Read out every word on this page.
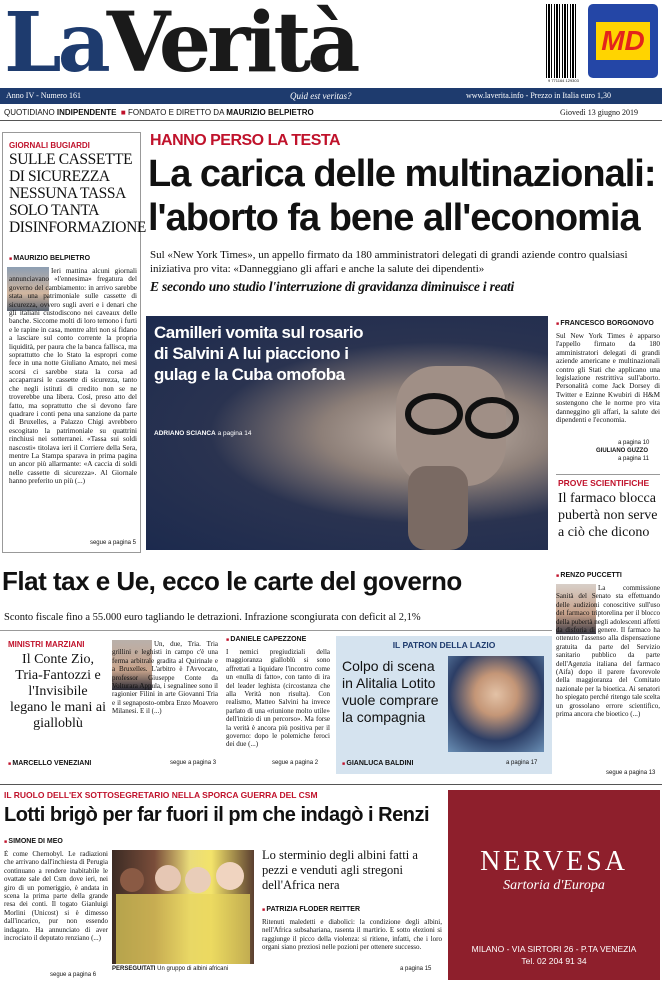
LaVerità	9 771164 129303
MD
Anno IV - Numero 161	Quid est veritas?	www.laverita.info - Prezzo in Italia euro 1,30
QUOTIDIANO INDIPENDENTE  ■ FONDATO E DIRETTO DA MAURIZIO BELPIETRO	Giovedì 13 giugno 2019
GIORNALI BUGIARDI
SULLE CASSETTE DI SICUREZZA NESSUNA TASSA SOLO TANTA DISINFORMAZIONE
■ MAURIZIO BELPIETRO
Ieri mattina alcuni giornali annunciavano «l'ennesima» fregatura del governo del cambiamento: in arrivo sarebbe stata una patrimoniale sulle cassette di sicurezza, ovvero sugli averi e i denari che gli italiani custodiscono nei caveaux delle banche. Siccome molti di loro temono i furti e le rapine in casa, mentre altri non si fidano a lasciare sul conto corrente la propria liquidità, per paura che la banca fallisca, ma soprattutto che lo Stato la espropri come fece in una notte Giuliano Amato, nei mesi scorsi ci sarebbe stata la corsa ad accaparrarsi le cassette di sicurezza, tanto che negli istituti di credito non se ne troverebbe una libera. Così, preso atto del fatto, ma soprattutto che si devono fare quadrare i conti pena una sanzione da parte di Bruxelles, a Palazzo Chigi avrebbero escogitato la patrimoniale su quattrini rinchiusi nei sotterranei. «Tassa sui soldi nascosti» titolava ieri il Corriere della Sera, mentre La Stampa sparava in prima pagina un ancor più allarmante: «A caccia di soldi nelle cassette di sicurezza». Al Giornale hanno preferito un più (...)
segue a pagina 5
HANNO PERSO LA TESTA
La carica delle multinazionali: l'aborto fa bene all'economia
Sul «New York Times», un appello firmato da 180 amministratori delegati di grandi aziende contro qualsiasi iniziativa pro vita: «Danneggiano gli affari e anche la salute dei dipendenti»
E secondo uno studio l'interruzione di gravidanza diminuisce i reati
Camilleri vomita sul rosario di Salvini A lui piacciono i gulag e la Cuba omofoba
ADRIANO SCIANCA a pagina 14
■ FRANCESCO BORGONOVO
Sul New York Times è apparso l'appello firmato da 180 amministratori delegati di grandi aziende americane e multinazionali contro gli Stati che applicano una legislazione restrittiva sull'aborto. Personalità come Jack Dorsey di Twitter e Ezinne Kwubiri di H&M sostengono che le norme pro vita danneggino gli affari, la salute dei dipendenti e l'economia.
a pagina 10
GIULIANO GUZZO
a pagina 11
PROVE SCIENTIFICHE
Il farmaco blocca pubertà non serve a ciò che dicono
Flat tax e Ue, ecco le carte del governo
Sconto fiscale fino a 55.000 euro tagliando le detrazioni. Infrazione scongiurata con deficit al 2,1%
MINISTRI MARZIANI
Il Conte Zio, Tria-Fantozzi e l'Invisibile legano le mani ai gialloblù
■ MARCELLO VENEZIANI
Un, due, Tria. Tria grillini e leghisti in campo c'è una ferma arbitrale gradita al Quirinale e a Bruxelles. L'arbitro è l'Avvocato, professor Giuseppe Conte da Volturara Appula, i segnalinee sono il ragionier Filini in arte Giovanni Tria e il segnaposto-ombra Enzo Moavero Milanesi. E il (...)
segue a pagina 3
■ DANIELE CAPEZZONE
I nemici pregiudiziali della maggioranza gialloblù si sono affrettati a liquidare l'incontro come un «nulla di fatto», con tanto di ira del leader leghista (circostanza che alla Verità non risulta). Con realismo, Matteo Salvini ha invece parlato di una «riunione molto utile» dell'inizio di un percorso». Ma forse la verità è ancora più positiva per il governo: dopo le polemiche feroci dei due (...)
segue a pagina 2
IL PATRON DELLA LAZIO
Colpo di scena in Alitalia Lotito vuole comprare la compagnia
■ GIANLUCA BALDINI	a pagina 17
■ RENZO PUCCETTI
La commissione Sanità del Senato sta effettuando delle audizioni conoscitive sull'uso del farmaco triptorelina per il blocco della pubertà negli adolescenti affetti da disforia di genere. Il farmaco ha ottenuto l'assenso alla dispensazione gratuita da parte del Servizio sanitario pubblico da parte dell'Agenzia italiana del farmaco (Aifa) dopo il parere favorevole della maggioranza del Comitato nazionale per la bioetica. Ai senatori ho spiegato perché ritengo tale scelta un grossolano errore scientifico, prima ancora che bioetico (...)
segue a pagina 13
IL RUOLO DELL'EX SOTTOSEGRETARIO NELLA SPORCA GUERRA DEL CSM
Lotti brigò per far fuori il pm che indagò i Renzi
■ SIMONE DI MEO
È come Chernobyl. Le radiazioni che arrivano dall'inchiesta di Perugia continuano a rendere inabitabile le ovattate sale del Csm dove ieri, nei giro di un pomeriggio, è andata in scena la prima parte della grande resa dei conti. Il togato Gianluigi Morlini (Unicost) si è dimesso dall'incarico, pur non essendo indagato. Ha annunciato di aver incrociato il deputato renziano (...)
segue a pagina 6
PERSEGUITATI Un gruppo di albini africani
Lo sterminio degli albini fatti a pezzi e venduti agli stregoni dell'Africa nera
■ PATRIZIA FLODER REITTER
Ritenuti maledetti e diabolici: la condizione degli albini, nell'Africa subsahariana, rasenta il martirio. E sotto elezioni si raggiunge il picco della violenza: si ritiene, infatti, che i loro organi siano preziosi nelle pozioni per ottenere successo.
a pagina 15
NERVESA
Sartoria d'Europa
MILANO - VIA SIRTORI 26 - P.TA VENEZIA
Tel. 02 204 91 34
